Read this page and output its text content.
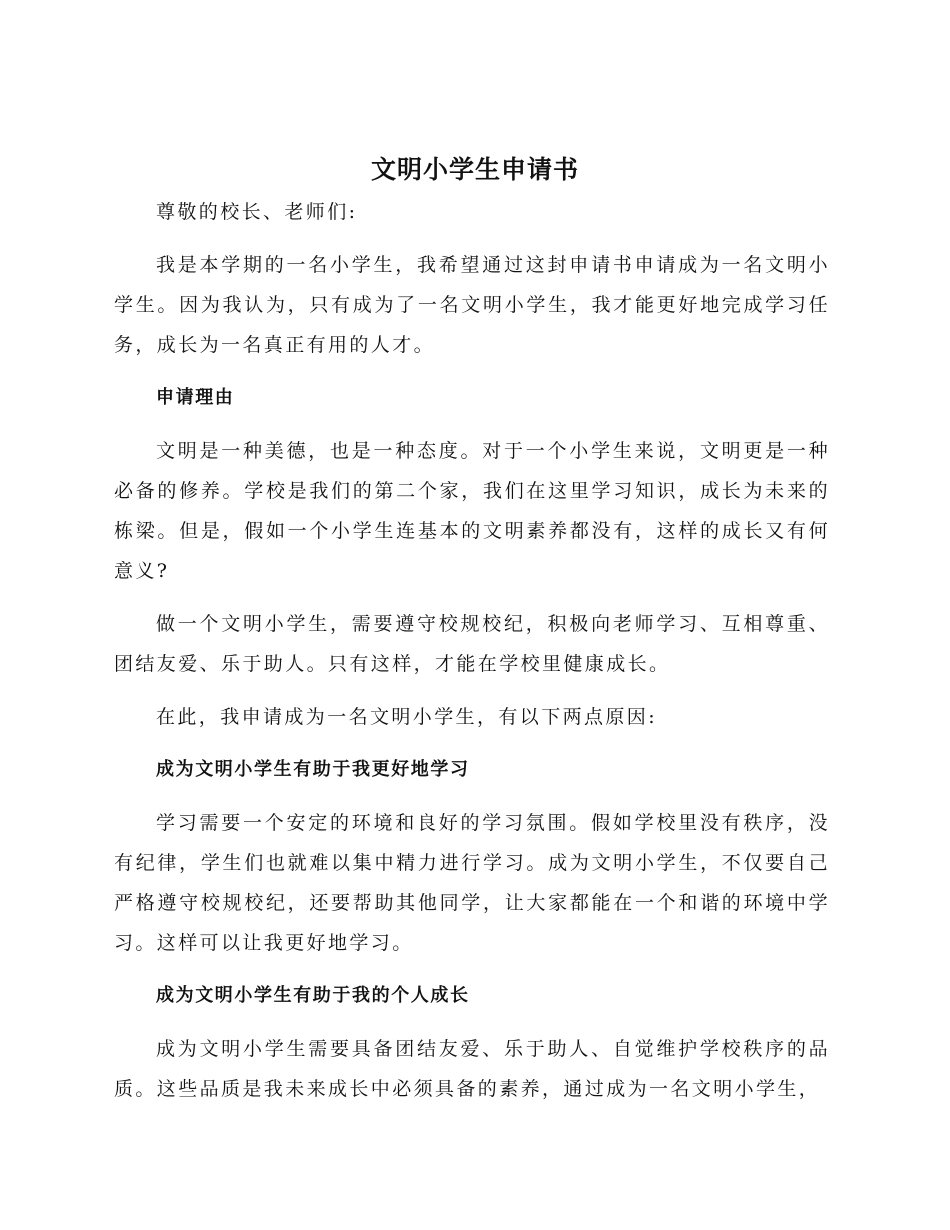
文明小学生申请书

尊敬的校长、老师们:

我是本学期的一名小学生，我希望通过这封申请书申请成为一名文明小学生。因为我认为，只有成为了一名文明小学生，我才能更好地完成学习任务，成长为一名真正有用的人才。

申请理由

文明是一种美德，也是一种态度。对于一个小学生来说，文明更是一种必备的修养。学校是我们的第二个家，我们在这里学习知识，成长为未来的栋梁。但是，假如一个小学生连基本的文明素养都没有，这样的成长又有何意义?

做一个文明小学生，需要遵守校规校纪，积极向老师学习、互相尊重、团结友爱、乐于助人。只有这样，才能在学校里健康成长。

在此，我申请成为一名文明小学生，有以下两点原因:

成为文明小学生有助于我更好地学习

学习需要一个安定的环境和良好的学习氛围。假如学校里没有秩序，没有纪律，学生们也就难以集中精力进行学习。成为文明小学生，不仅要自己严格遵守校规校纪，还要帮助其他同学，让大家都能在一个和谐的环境中学习。这样可以让我更好地学习。

成为文明小学生有助于我的个人成长

成为文明小学生需要具备团结友爱、乐于助人、自觉维护学校秩序的品质。这些品质是我未来成长中必须具备的素养，通过成为一名文明小学生，
